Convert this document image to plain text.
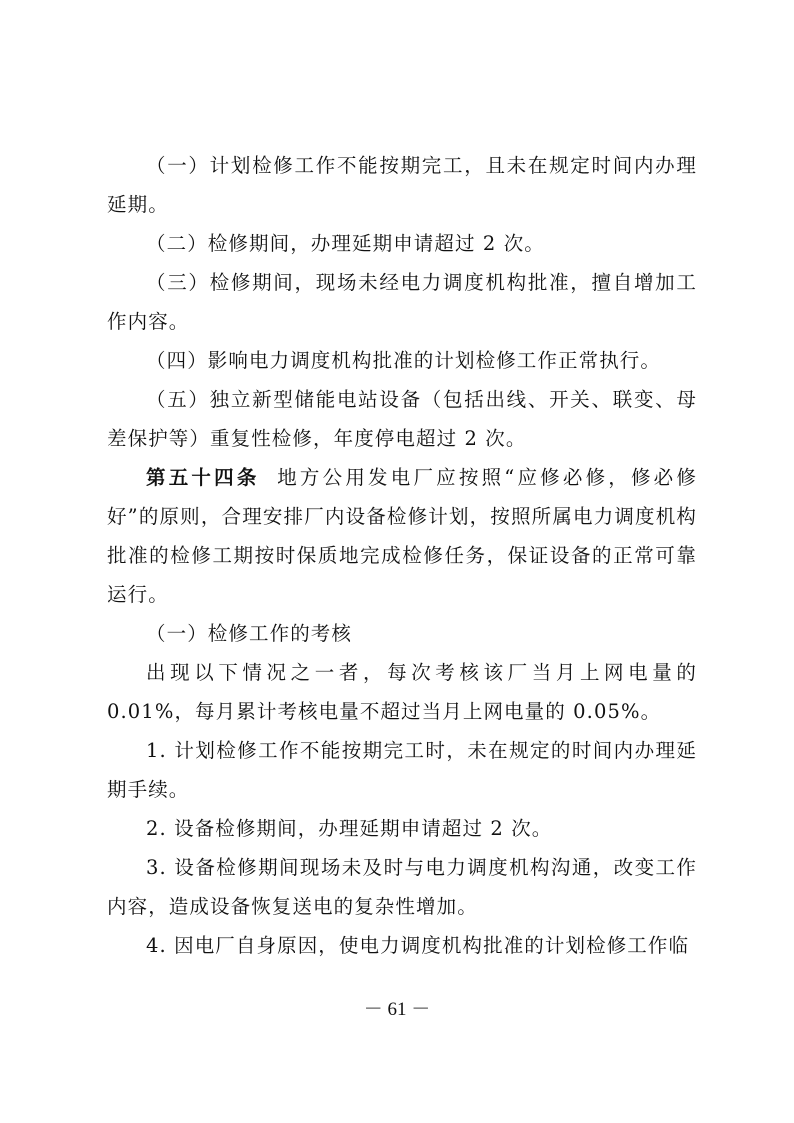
（一）计划检修工作不能按期完工，且未在规定时间内办理延期。

（二）检修期间，办理延期申请超过 2 次。

（三）检修期间，现场未经电力调度机构批准，擅自增加工作内容。

（四）影响电力调度机构批准的计划检修工作正常执行。

（五）独立新型储能电站设备（包括出线、开关、联变、母差保护等）重复性检修，年度停电超过 2 次。

第五十四条 地方公用发电厂应按照“应修必修，修必修好”的原则，合理安排厂内设备检修计划，按照所属电力调度机构批准的检修工期按时保质地完成检修任务，保证设备的正常可靠运行。

（一）检修工作的考核

出现以下情况之一者，每次考核该厂当月上网电量的 0.01%，每月累计考核电量不超过当月上网电量的 0.05%。

1. 计划检修工作不能按期完工时，未在规定的时间内办理延期手续。

2. 设备检修期间，办理延期申请超过 2 次。

3. 设备检修期间现场未及时与电力调度机构沟通，改变工作内容，造成设备恢复送电的复杂性增加。

4. 因电厂自身原因，使电力调度机构批准的计划检修工作临

－ 61 －
